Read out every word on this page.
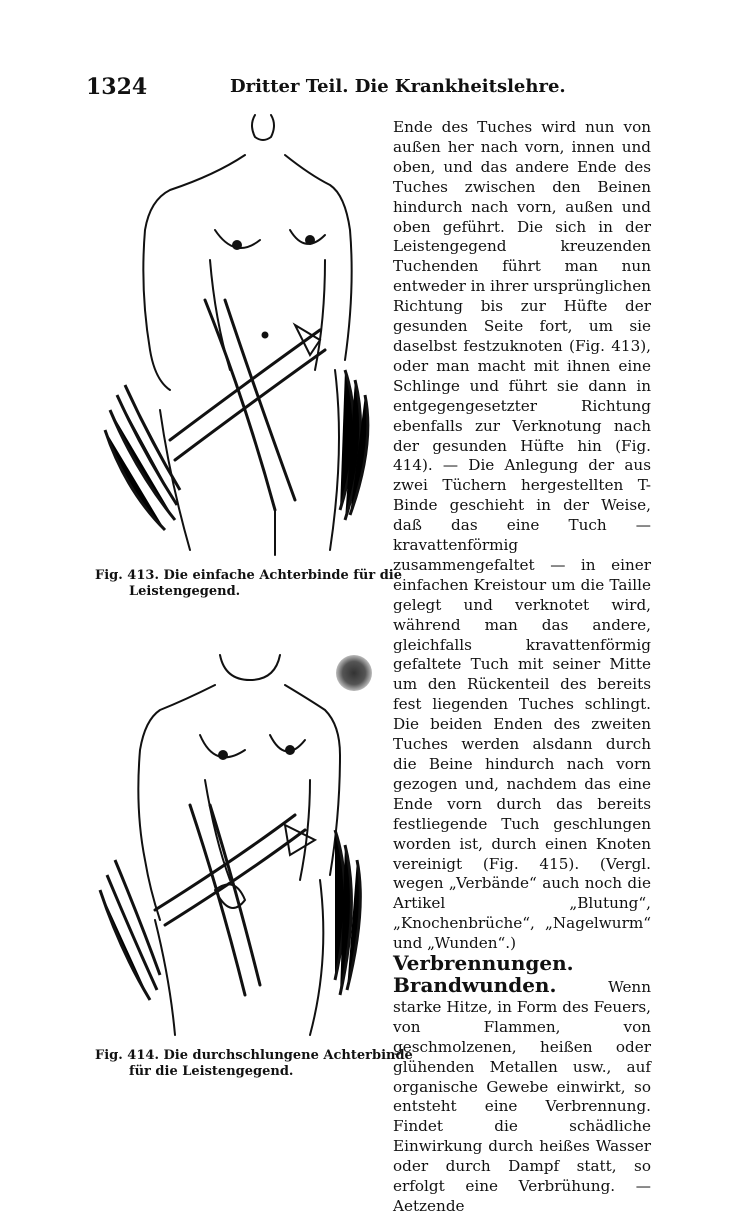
1324	Dritter Teil. Die Krankheitslehre.
Fig. 413. Die einfache Achterbinde für die Leistengegend.
Fig. 414. Die durchschlungene Achterbinde für die Leistengegend.

Ende des Tuches wird nun von außen her nach vorn, innen und oben, und das andere Ende des Tuches zwischen den Beinen hindurch nach vorn, außen und oben geführt. Die sich in der Leistengegend kreuzenden Tuchenden führt man nun entweder in ihrer ursprünglichen Richtung bis zur Hüfte der gesunden Seite fort, um sie daselbst festzuknoten (Fig. 413), oder man macht mit ihnen eine Schlinge und führt sie dann in entgegengesetzter Richtung ebenfalls zur Verknotung nach der gesunden Hüfte hin (Fig. 414). — Die Anlegung der aus zwei Tüchern hergestellten T-Binde geschieht in der Weise, daß das eine Tuch — kravattenförmig zusammengefaltet — in einer einfachen Kreistour um die Taille gelegt und verknotet wird, während man das andere, gleichfalls kravattenförmig gefaltete Tuch mit seiner Mitte um den Rückenteil des bereits fest liegenden Tuches schlingt. Die beiden Enden des zweiten Tuches werden alsdann durch die Beine hindurch nach vorn gezogen und, nachdem das eine Ende vorn durch das bereits festliegende Tuch geschlungen worden ist, durch einen Knoten vereinigt (Fig. 415). (Vergl. wegen „Verbände“ auch noch die Artikel „Blutung“, „Knochenbrüche“, „Nagelwurm“ und „Wunden“.)

Verbrennungen. Brandwunden.	Wenn starke Hitze, in Form des Feuers, von Flammen, von geschmolzenen, heißen oder glühenden Metallen usw., auf organische Gewebe einwirkt, so entsteht eine Verbrennung. Findet die schädliche Einwirkung durch heißes Wasser oder durch Dampf statt, so erfolgt eine Verbrühung. — Aetzende
